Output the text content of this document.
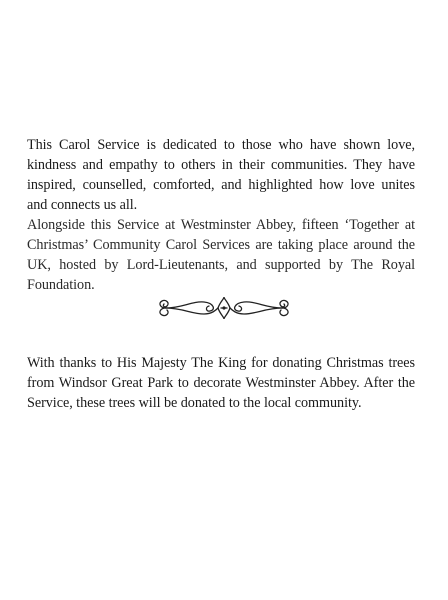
This Carol Service is dedicated to those who have shown love, kindness and empathy to others in their communities. They have inspired, counselled, comforted, and highlighted how love unites and connects us all.

Alongside this Service at Westminster Abbey, fifteen ‘Together at Christmas’ Community Carol Services are taking place around the UK, hosted by Lord-Lieutenants, and supported by The Royal Foundation.

With thanks to His Majesty The King for donating Christmas trees from Windsor Great Park to decorate Westminster Abbey. After the Service, these trees will be donated to the local community.
